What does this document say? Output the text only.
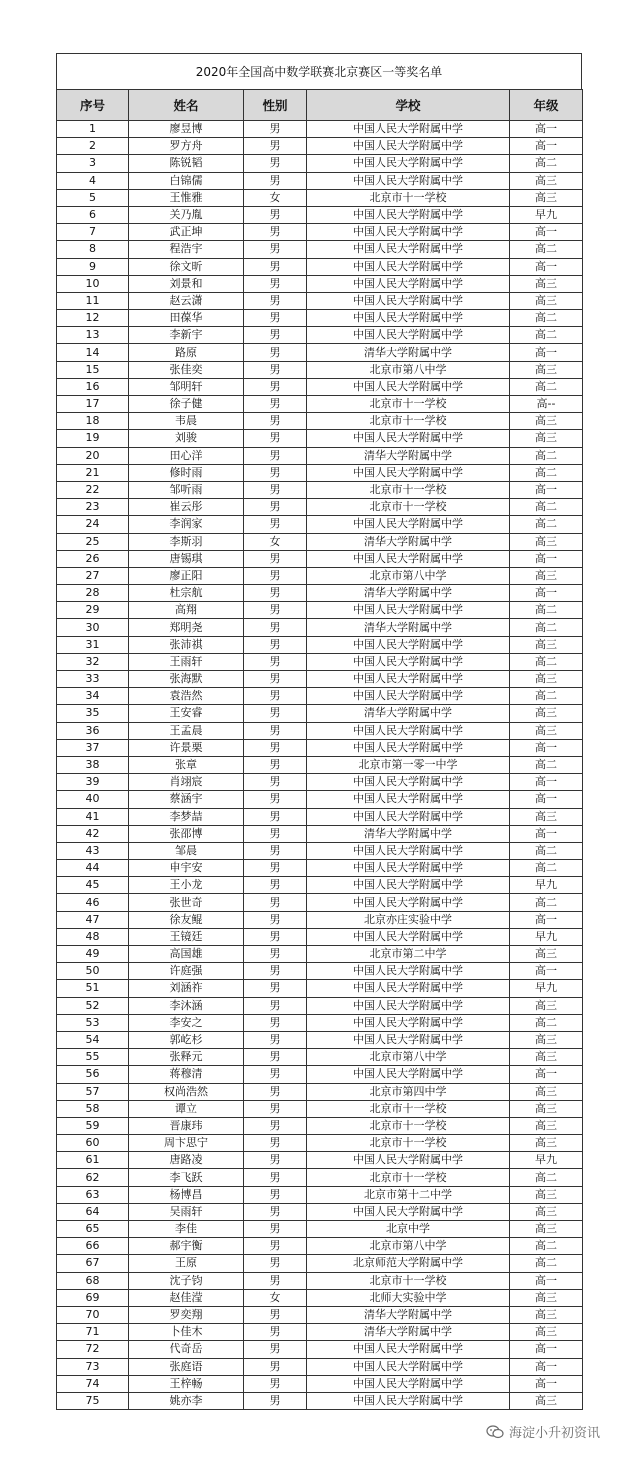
2020年全国高中数学联赛北京赛区一等奖名单
序号	姓名	性别	学校	年级
1	廖昱博	男	中国人民大学附属中学	高一
2	罗方舟	男	中国人民大学附属中学	高一
3	陈锐韬	男	中国人民大学附属中学	高二
4	白锦儒	男	中国人民大学附属中学	高三
5	王惟雅	女	北京市十一学校	高三
6	关乃胤	男	中国人民大学附属中学	早九
7	武正坤	男	中国人民大学附属中学	高一
8	程浩宇	男	中国人民大学附属中学	高二
9	徐文昕	男	中国人民大学附属中学	高一
10	刘景和	男	中国人民大学附属中学	高三
11	赵云潇	男	中国人民大学附属中学	高三
12	田葆华	男	中国人民大学附属中学	高二
13	李新宇	男	中国人民大学附属中学	高二
14	路原	男	清华大学附属中学	高一
15	张佳奕	男	北京市第八中学	高三
16	邹明轩	男	中国人民大学附属中学	高二
17	徐子健	男	北京市十一学校	高--
18	韦晨	男	北京市十一学校	高三
19	刘骏	男	中国人民大学附属中学	高三
20	田心洋	男	清华大学附属中学	高二
21	修时雨	男	中国人民大学附属中学	高二
22	邹听雨	男	北京市十一学校	高一
23	崔云彤	男	北京市十一学校	高二
24	李润家	男	中国人民大学附属中学	高二
25	李斯羽	女	清华大学附属中学	高三
26	唐锡琪	男	中国人民大学附属中学	高一
27	廖正阳	男	北京市第八中学	高三
28	杜宗航	男	清华大学附属中学	高一
29	高翔	男	中国人民大学附属中学	高二
30	郑明尧	男	清华大学附属中学	高二
31	张沛祺	男	中国人民大学附属中学	高三
32	王雨轩	男	中国人民大学附属中学	高二
33	张海默	男	中国人民大学附属中学	高三
34	袁浩然	男	中国人民大学附属中学	高二
35	王安睿	男	清华大学附属中学	高三
36	王孟晨	男	中国人民大学附属中学	高三
37	许景栗	男	中国人民大学附属中学	高一
38	张章	男	北京市第一零一中学	高二
39	肖翊宸	男	中国人民大学附属中学	高一
40	蔡涵宇	男	中国人民大学附属中学	高一
41	李梦喆	男	中国人民大学附属中学	高三
42	张邵博	男	清华大学附属中学	高一
43	邹晨	男	中国人民大学附属中学	高二
44	申宇安	男	中国人民大学附属中学	高二
45	王小龙	男	中国人民大学附属中学	早九
46	张世奇	男	中国人民大学附属中学	高二
47	徐友鲲	男	北京亦庄实验中学	高一
48	王镜廷	男	中国人民大学附属中学	早九
49	高国雄	男	北京市第二中学	高三
50	许庭强	男	中国人民大学附属中学	高一
51	刘涵祚	男	中国人民大学附属中学	早九
52	李沐涵	男	中国人民大学附属中学	高三
53	李安之	男	中国人民大学附属中学	高二
54	郭屹杉	男	中国人民大学附属中学	高三
55	张释元	男	北京市第八中学	高三
56	蒋穆清	男	中国人民大学附属中学	高一
57	权尚浩然	男	北京市第四中学	高三
58	谭立	男	北京市十一学校	高三
59	晋康玮	男	北京市十一学校	高三
60	周卞思宁	男	北京市十一学校	高三
61	唐路凌	男	中国人民大学附属中学	早九
62	李飞跃	男	北京市十一学校	高二
63	杨博昌	男	北京市第十二中学	高三
64	吴雨轩	男	中国人民大学附属中学	高三
65	李佳	男	北京中学	高三
66	郝宇衡	男	北京市第八中学	高二
67	王原	男	北京师范大学附属中学	高二
68	沈子钧	男	北京市十一学校	高一
69	赵佳滢	女	北师大实验中学	高三
70	罗奕翔	男	清华大学附属中学	高三
71	卜佳木	男	清华大学附属中学	高三
72	代奇岳	男	中国人民大学附属中学	高一
73	张庭语	男	中国人民大学附属中学	高一
74	王梓畅	男	中国人民大学附属中学	高一
75	姚亦李	男	中国人民大学附属中学	高三
海淀小升初资讯
